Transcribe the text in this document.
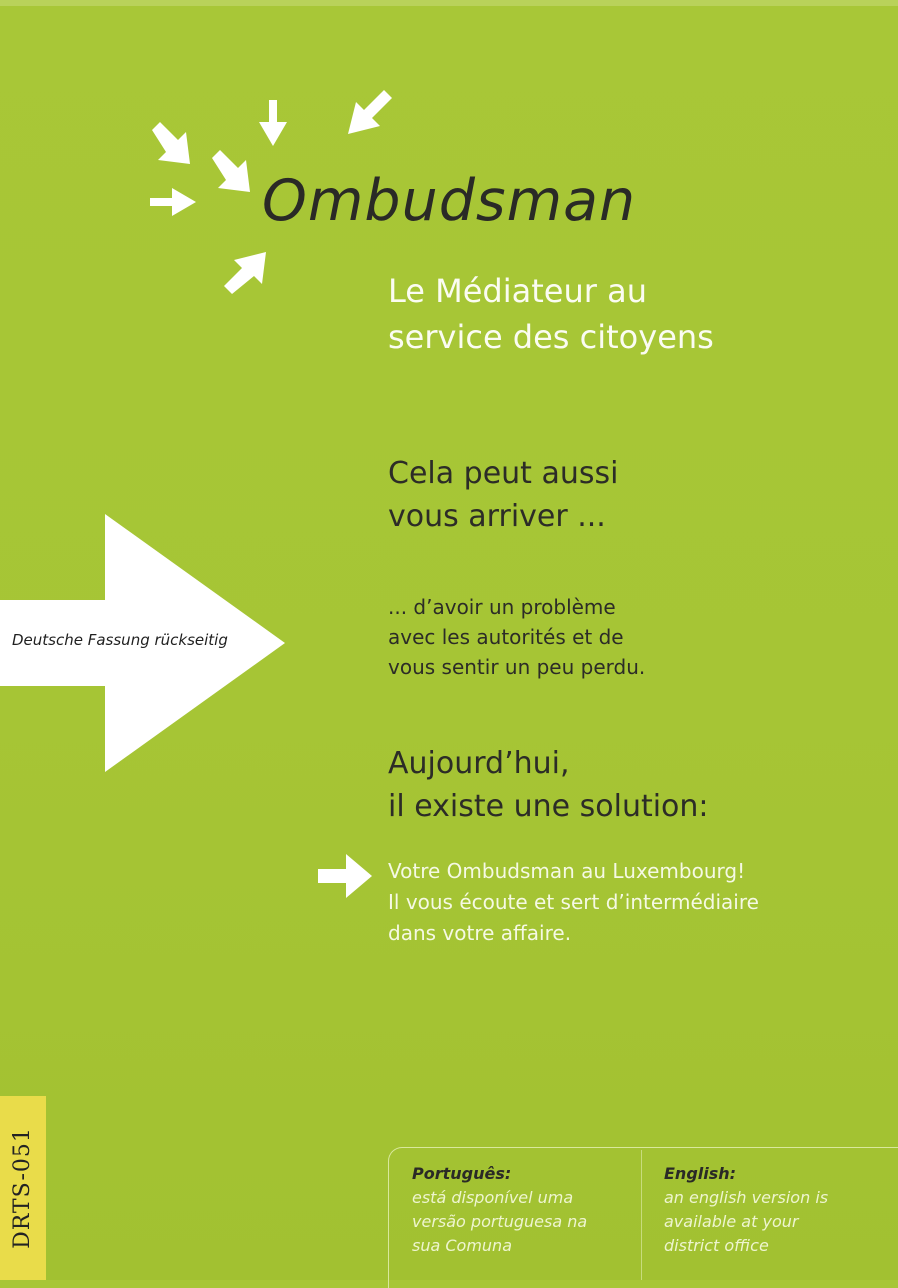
Ombudsman
Le Médiateur au
service des citoyens
Cela peut aussi
vous arriver ...
Deutsche Fassung rückseitig

... d’avoir un problème
avec les autorités et de
vous sentir un peu perdu.

Aujourd’hui,
il existe une solution:

Votre Ombudsman au Luxembourg!
Il vous écoute et sert d’intermédiaire
dans votre affaire.

Português:
está disponível uma
versão portuguesa na
sua Comuna
English:
an english version is
available at your
district office
DRTS-051
